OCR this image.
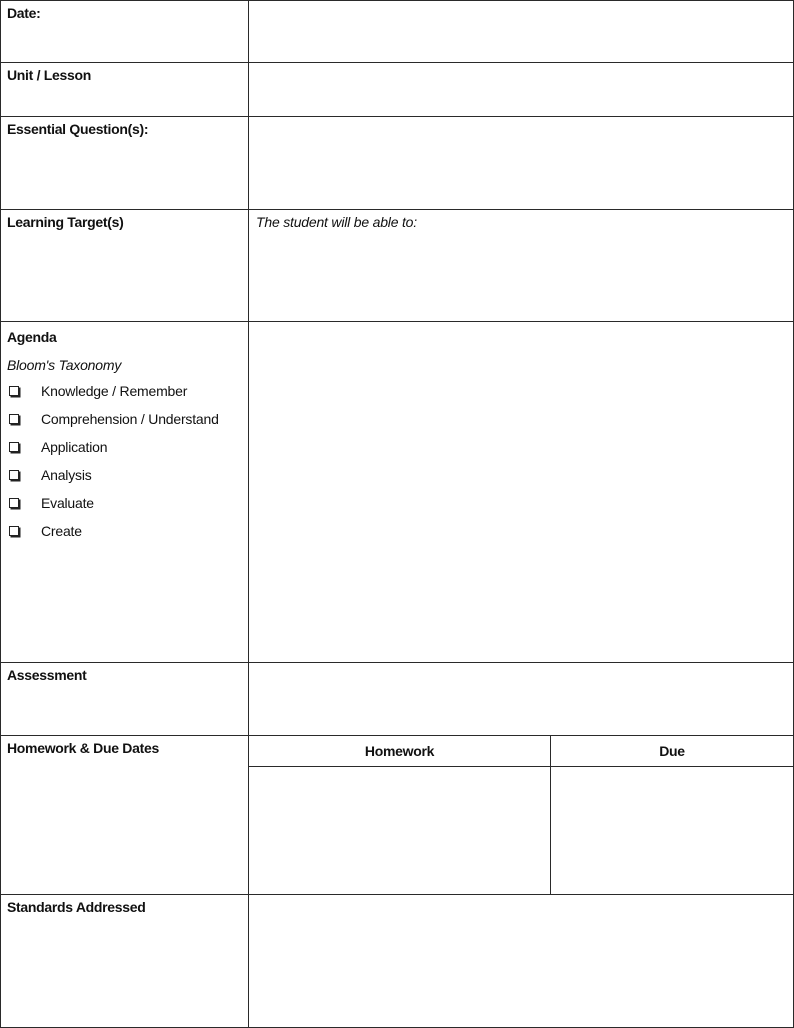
Date:
Unit / Lesson
Essential Question(s):
Learning Target(s)	The student will be able to:
Agenda
Bloom's Taxonomy
Knowledge / Remember
Comprehension / Understand
Application
Analysis
Evaluate
Create
Assessment
Homework & Due Dates	Homework	Due
Standards Addressed
